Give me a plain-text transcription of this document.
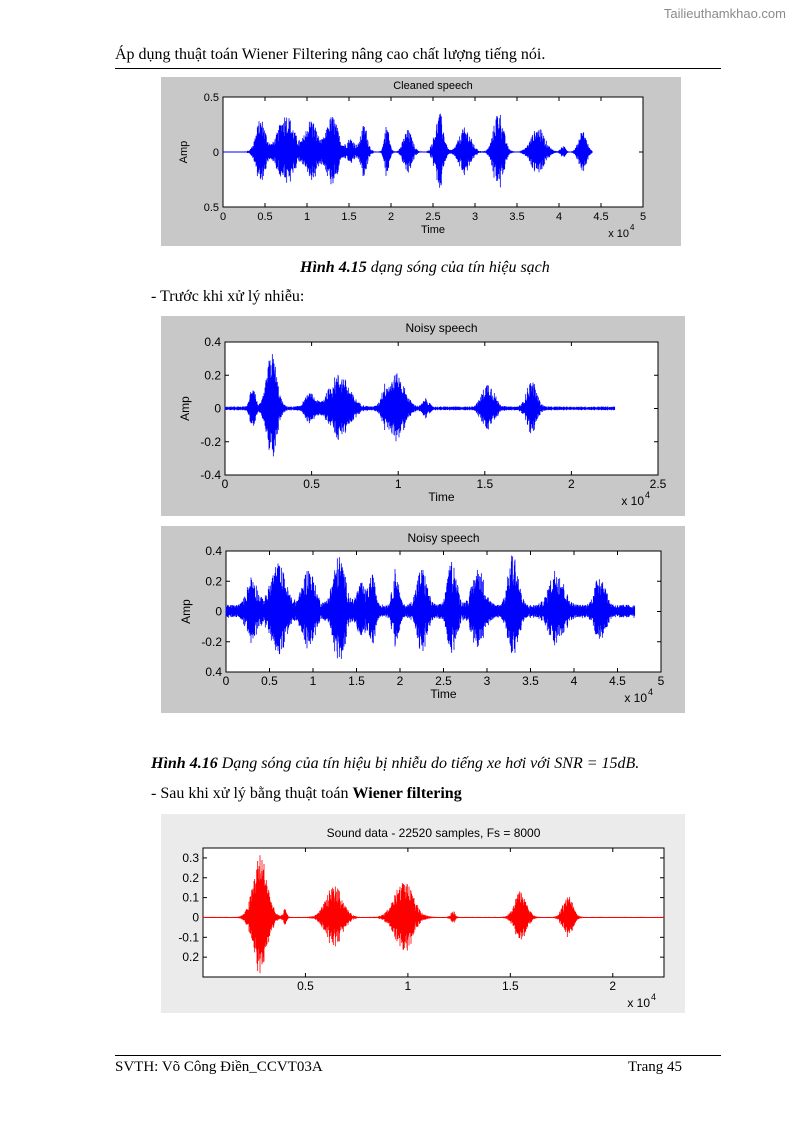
Tailieuthamkhao.com
Áp dụng thuật toán Wiener Filtering nâng cao chất lượng tiếng nói.
Cleaned speech
0	0.5	1	1.5	2	2.5	3	3.5	4	4.5	5
0.5
0
0.5
Time
Amp
x 10
4
Hình 4.15 dạng sóng của tín hiệu sạch
- Trước khi xử lý nhiễu:
Noisy speech
0	0.5	1	1.5	2	2.5
0.4
0.2
0
-0.2
-0.4
Time
Amp
x 10 4
Noisy speech
0	0.5	1	1.5	2	2.5	3	3.5	4	4.5	5
0.4
0.2
0
-0.2
0.4
Time
Amp
x 10 4
Hình 4.16 Dạng sóng của tín hiệu bị nhiễu do tiếng xe hơi với SNR = 15dB.
- Sau khi xử lý bằng thuật toán Wiener filtering
Sound data - 22520 samples, Fs = 8000
0.5	1	1.5	2
0.3
0.2
0.1
0
-0.1
0.2
x 10 4
SVTH: Võ Công Điền_CCVT03A	Trang 45
